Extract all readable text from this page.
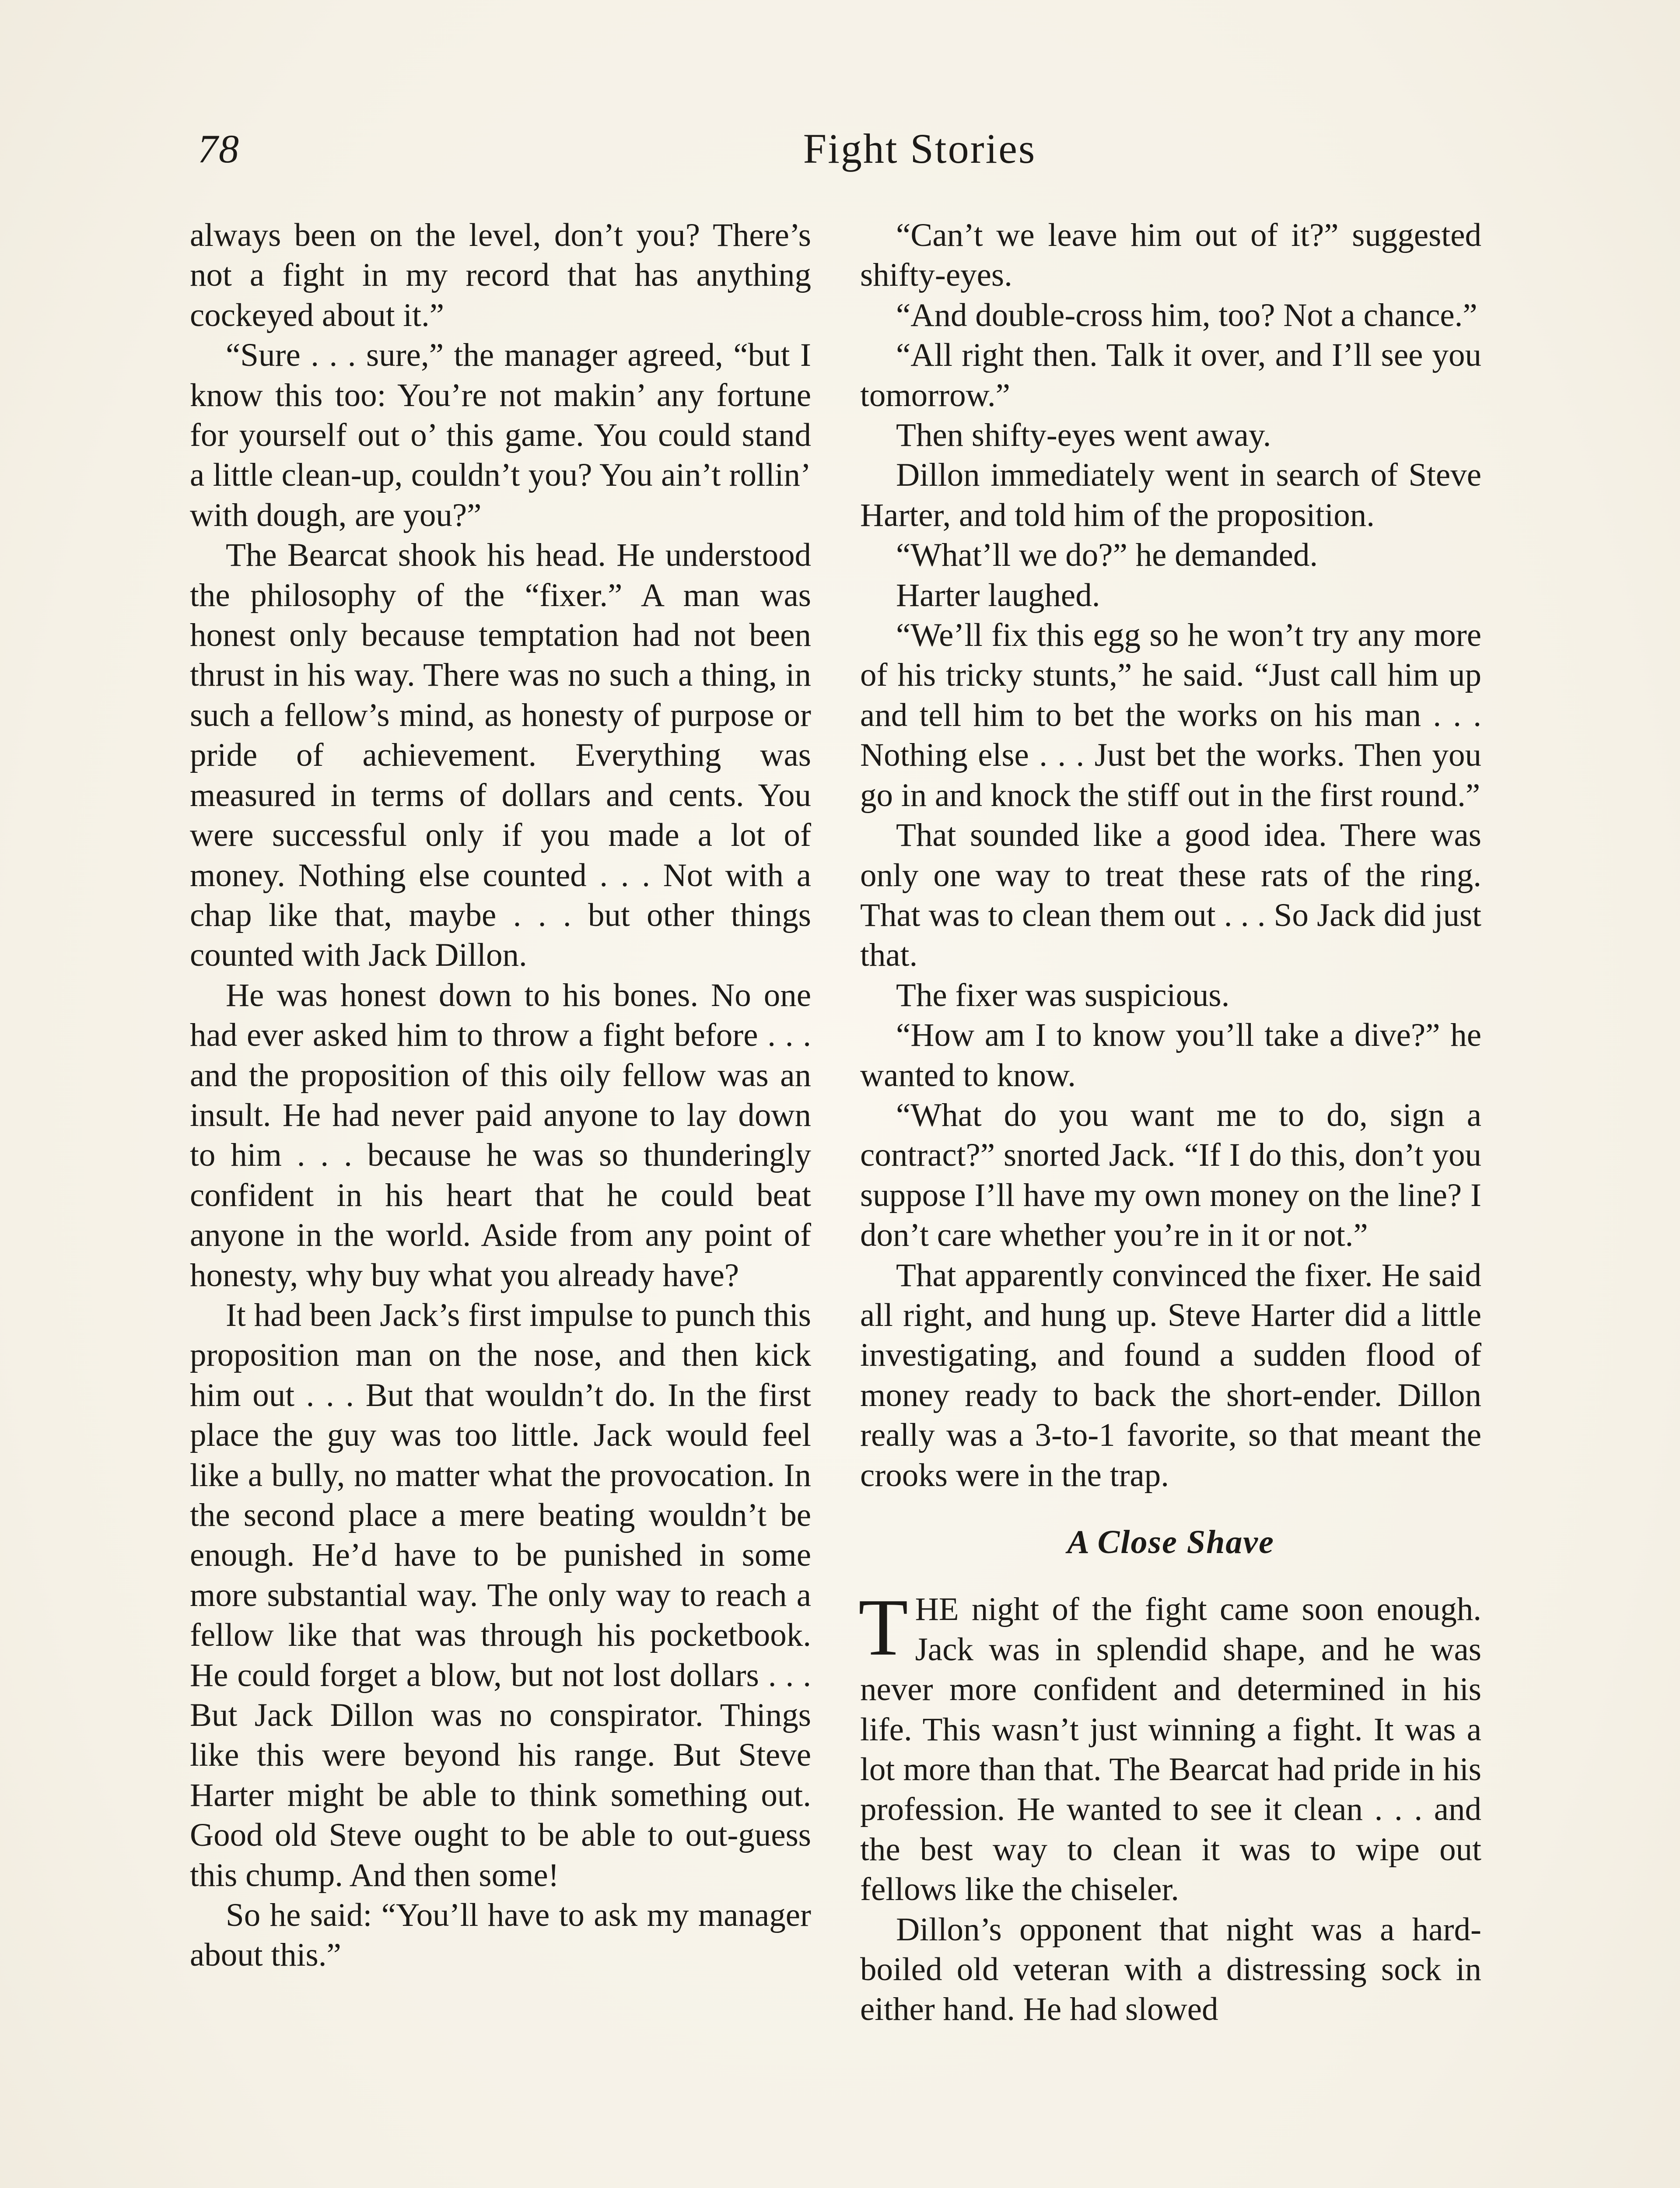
78	Fight Stories

always been on the level, don’t you? There’s not a fight in my record that has anything cockeyed about it.”

“Sure . . . sure,” the manager agreed, “but I know this too: You’re not makin’ any fortune for yourself out o’ this game. You could stand a little clean-up, couldn’t you? You ain’t rollin’ with dough, are you?”

The Bearcat shook his head. He understood the philosophy of the “fixer.” A man was honest only because temptation had not been thrust in his way. There was no such a thing, in such a fellow’s mind, as honesty of purpose or pride of achievement. Everything was measured in terms of dollars and cents. You were successful only if you made a lot of money. Nothing else counted . . . Not with a chap like that, maybe . . . but other things counted with Jack Dillon.

He was honest down to his bones. No one had ever asked him to throw a fight before . . . and the proposition of this oily fellow was an insult. He had never paid anyone to lay down to him . . . because he was so thunderingly confident in his heart that he could beat anyone in the world. Aside from any point of honesty, why buy what you already have?

It had been Jack’s first impulse to punch this proposition man on the nose, and then kick him out . . . But that wouldn’t do. In the first place the guy was too little. Jack would feel like a bully, no matter what the provocation. In the second place a mere beating wouldn’t be enough. He’d have to be punished in some more substantial way. The only way to reach a fellow like that was through his pocketbook. He could forget a blow, but not lost dollars . . . But Jack Dillon was no conspirator. Things like this were beyond his range. But Steve Harter might be able to think something out. Good old Steve ought to be able to out-guess this chump. And then some!

So he said: “You’ll have to ask my manager about this.”

“Can’t we leave him out of it?” suggested shifty-eyes.

“And double-cross him, too? Not a chance.”

“All right then. Talk it over, and I’ll see you tomorrow.”

Then shifty-eyes went away.

Dillon immediately went in search of Steve Harter, and told him of the proposition.

“What’ll we do?” he demanded.

Harter laughed.

“We’ll fix this egg so he won’t try any more of his tricky stunts,” he said. “Just call him up and tell him to bet the works on his man . . . Nothing else . . . Just bet the works. Then you go in and knock the stiff out in the first round.”

That sounded like a good idea. There was only one way to treat these rats of the ring. That was to clean them out . . . So Jack did just that.

The fixer was suspicious.

“How am I to know you’ll take a dive?” he wanted to know.

“What do you want me to do, sign a contract?” snorted Jack. “If I do this, don’t you suppose I’ll have my own money on the line? I don’t care whether you’re in it or not.”

That apparently convinced the fixer. He said all right, and hung up. Steve Harter did a little investigating, and found a sudden flood of money ready to back the short-ender. Dillon really was a 3-to-1 favorite, so that meant the crooks were in the trap.

A Close Shave

THE night of the fight came soon enough. Jack was in splendid shape, and he was never more confident and determined in his life. This wasn’t just winning a fight. It was a lot more than that. The Bearcat had pride in his profession. He wanted to see it clean . . . and the best way to clean it was to wipe out fellows like the chiseler.

Dillon’s opponent that night was a hard-boiled old veteran with a distressing sock in either hand. He had slowed
